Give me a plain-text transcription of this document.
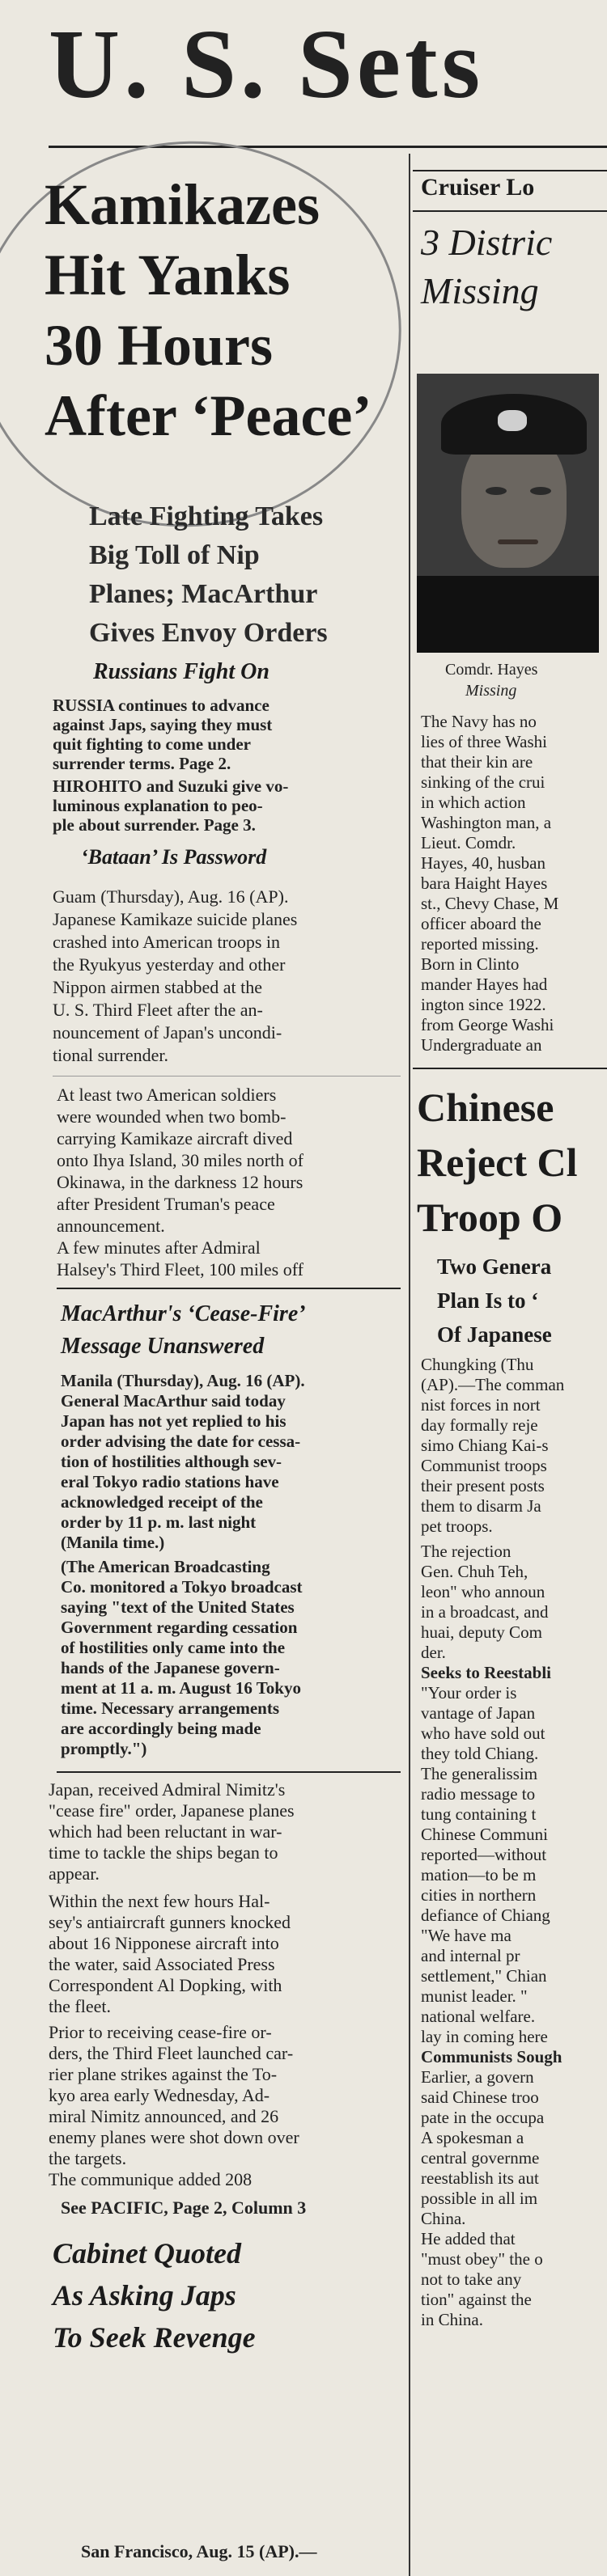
U. S. Sets
Kamikazes
Hit Yanks
30 Hours
After ‘Peace’
Late Fighting Takes
Big Toll of Nip
Planes; MacArthur
Gives Envoy Orders
Russians Fight On
RUSSIA continues to advance
against Japs, saying they must
quit fighting to come under
surrender terms. Page 2.
HIROHITO and Suzuki give vo-
luminous explanation to peo-
ple about surrender. Page 3.
‘Bataan’ Is Password
Guam (Thursday), Aug. 16 (AP).
Japanese Kamikaze suicide planes
crashed into American troops in
the Ryukyus yesterday and other
Nippon airmen stabbed at the
U. S. Third Fleet after the an-
nouncement of Japan's uncondi-
tional surrender.
At least two American soldiers
were wounded when two bomb-
carrying Kamikaze aircraft dived
onto Ihya Island, 30 miles north of
Okinawa, in the darkness 12 hours
after President Truman's peace
announcement.
A few minutes after Admiral
Halsey's Third Fleet, 100 miles off
MacArthur's ‘Cease-Fire’
Message Unanswered
Manila (Thursday), Aug. 16 (AP).
General MacArthur said today
Japan has not yet replied to his
order advising the date for cessa-
tion of hostilities although sev-
eral Tokyo radio stations have
acknowledged receipt of the
order by 11 p. m. last night
(Manila time.)
(The American Broadcasting
Co. monitored a Tokyo broadcast
saying "text of the United States
Government regarding cessation
of hostilities only came into the
hands of the Japanese govern-
ment at 11 a. m. August 16 Tokyo
time. Necessary arrangements
are accordingly being made
promptly.")
Japan, received Admiral Nimitz's
"cease fire" order, Japanese planes
which had been reluctant in war-
time to tackle the ships began to
appear.
Within the next few hours Hal-
sey's antiaircraft gunners knocked
about 16 Nipponese aircraft into
the water, said Associated Press
Correspondent Al Dopking, with
the fleet.
Prior to receiving cease-fire or-
ders, the Third Fleet launched car-
rier plane strikes against the To-
kyo area early Wednesday, Ad-
miral Nimitz announced, and 26
enemy planes were shot down over
the targets.
The communique added 208
See PACIFIC, Page 2, Column 3
Cabinet Quoted
As Asking Japs
To Seek Revenge
San Francisco, Aug. 15 (AP).—
Cruiser Lo
3 Distric
Missing
Comdr. Hayes
Missing
The Navy has no
lies of three Washi
that their kin are
sinking of the crui
in which action
Washington man, a
Lieut. Comdr.
Hayes, 40, husban
bara Haight Hayes
st., Chevy Chase, M
officer aboard the
reported missing.
Born in Clinto
mander Hayes had
ington since 1922.
from George Washi
Undergraduate an
Chinese
Reject Cl
Troop O
Two Genera
Plan Is to ‘
Of Japanese
Chungking (Thu
(AP).—The comman
nist forces in nort
day formally reje
simo Chiang Kai-s
Communist troops
their present posts
them to disarm Ja
pet troops.
The rejection
Gen. Chuh Teh,
leon" who announ
in a broadcast, and
huai, deputy Com
der.
Seeks to Reestabli
"Your order is
vantage of Japan
who have sold out
they told Chiang.
The generalissim
radio message to
tung containing t
Chinese Communi
reported—without
mation—to be m
cities in northern
defiance of Chiang
"We have ma
and internal pr
settlement," Chian
munist leader. "
national welfare.
lay in coming here
Communists Sough
Earlier, a govern
said Chinese troo
pate in the occupa
A spokesman a
central governme
reestablish its aut
possible in all im
China.
He added that
"must obey" the o
not to take any
tion" against the
in China.
